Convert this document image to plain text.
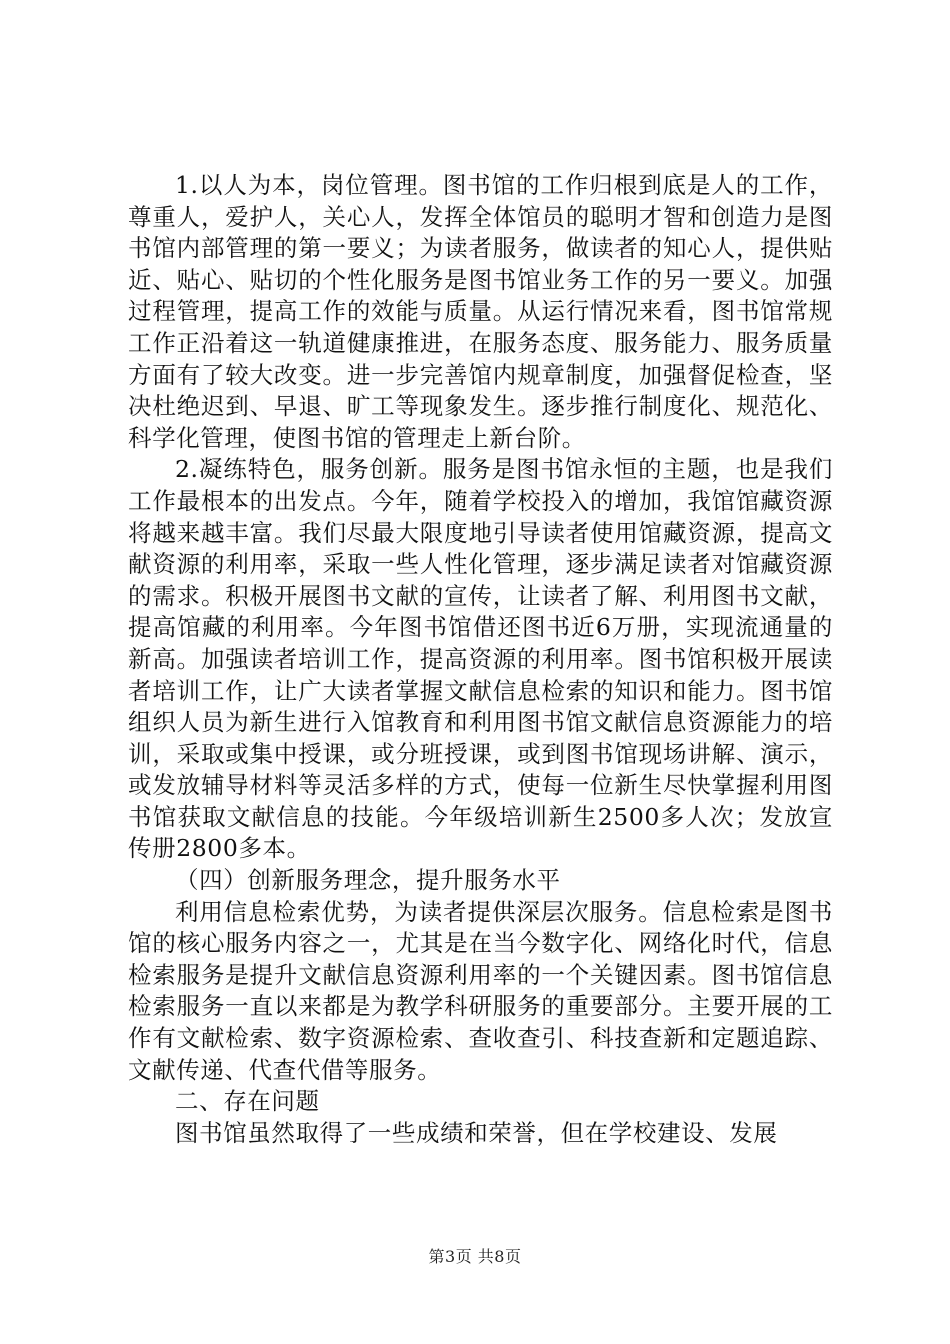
1.以人为本，岗位管理。图书馆的工作归根到底是人的工作，尊重人，爱护人，关心人，发挥全体馆员的聪明才智和创造力是图书馆内部管理的第一要义；为读者服务，做读者的知心人，提供贴近、贴心、贴切的个性化服务是图书馆业务工作的另一要义。加强过程管理，提高工作的效能与质量。从运行情况来看，图书馆常规工作正沿着这一轨道健康推进，在服务态度、服务能力、服务质量方面有了较大改变。进一步完善馆内规章制度，加强督促检查，坚决杜绝迟到、早退、旷工等现象发生。逐步推行制度化、规范化、科学化管理，使图书馆的管理走上新台阶。

2.凝练特色，服务创新。服务是图书馆永恒的主题，也是我们工作最根本的出发点。今年，随着学校投入的增加，我馆馆藏资源将越来越丰富。我们尽最大限度地引导读者使用馆藏资源，提高文献资源的利用率，采取一些人性化管理，逐步满足读者对馆藏资源的需求。积极开展图书文献的宣传，让读者了解、利用图书文献，提高馆藏的利用率。今年图书馆借还图书近6万册，实现流通量的新高。加强读者培训工作，提高资源的利用率。图书馆积极开展读者培训工作，让广大读者掌握文献信息检索的知识和能力。图书馆组织人员为新生进行入馆教育和利用图书馆文献信息资源能力的培训，采取或集中授课，或分班授课，或到图书馆现场讲解、演示，或发放辅导材料等灵活多样的方式，使每一位新生尽快掌握利用图书馆获取文献信息的技能。今年级培训新生2500多人次；发放宣传册2800多本。

（四）创新服务理念，提升服务水平

利用信息检索优势，为读者提供深层次服务。信息检索是图书馆的核心服务内容之一，尤其是在当今数字化、网络化时代，信息检索服务是提升文献信息资源利用率的一个关键因素。图书馆信息检索服务一直以来都是为教学科研服务的重要部分。主要开展的工作有文献检索、数字资源检索、查收查引、科技查新和定题追踪、文献传递、代查代借等服务。

二、存在问题

图书馆虽然取得了一些成绩和荣誉，但在学校建设、发展

第3页 共8页
